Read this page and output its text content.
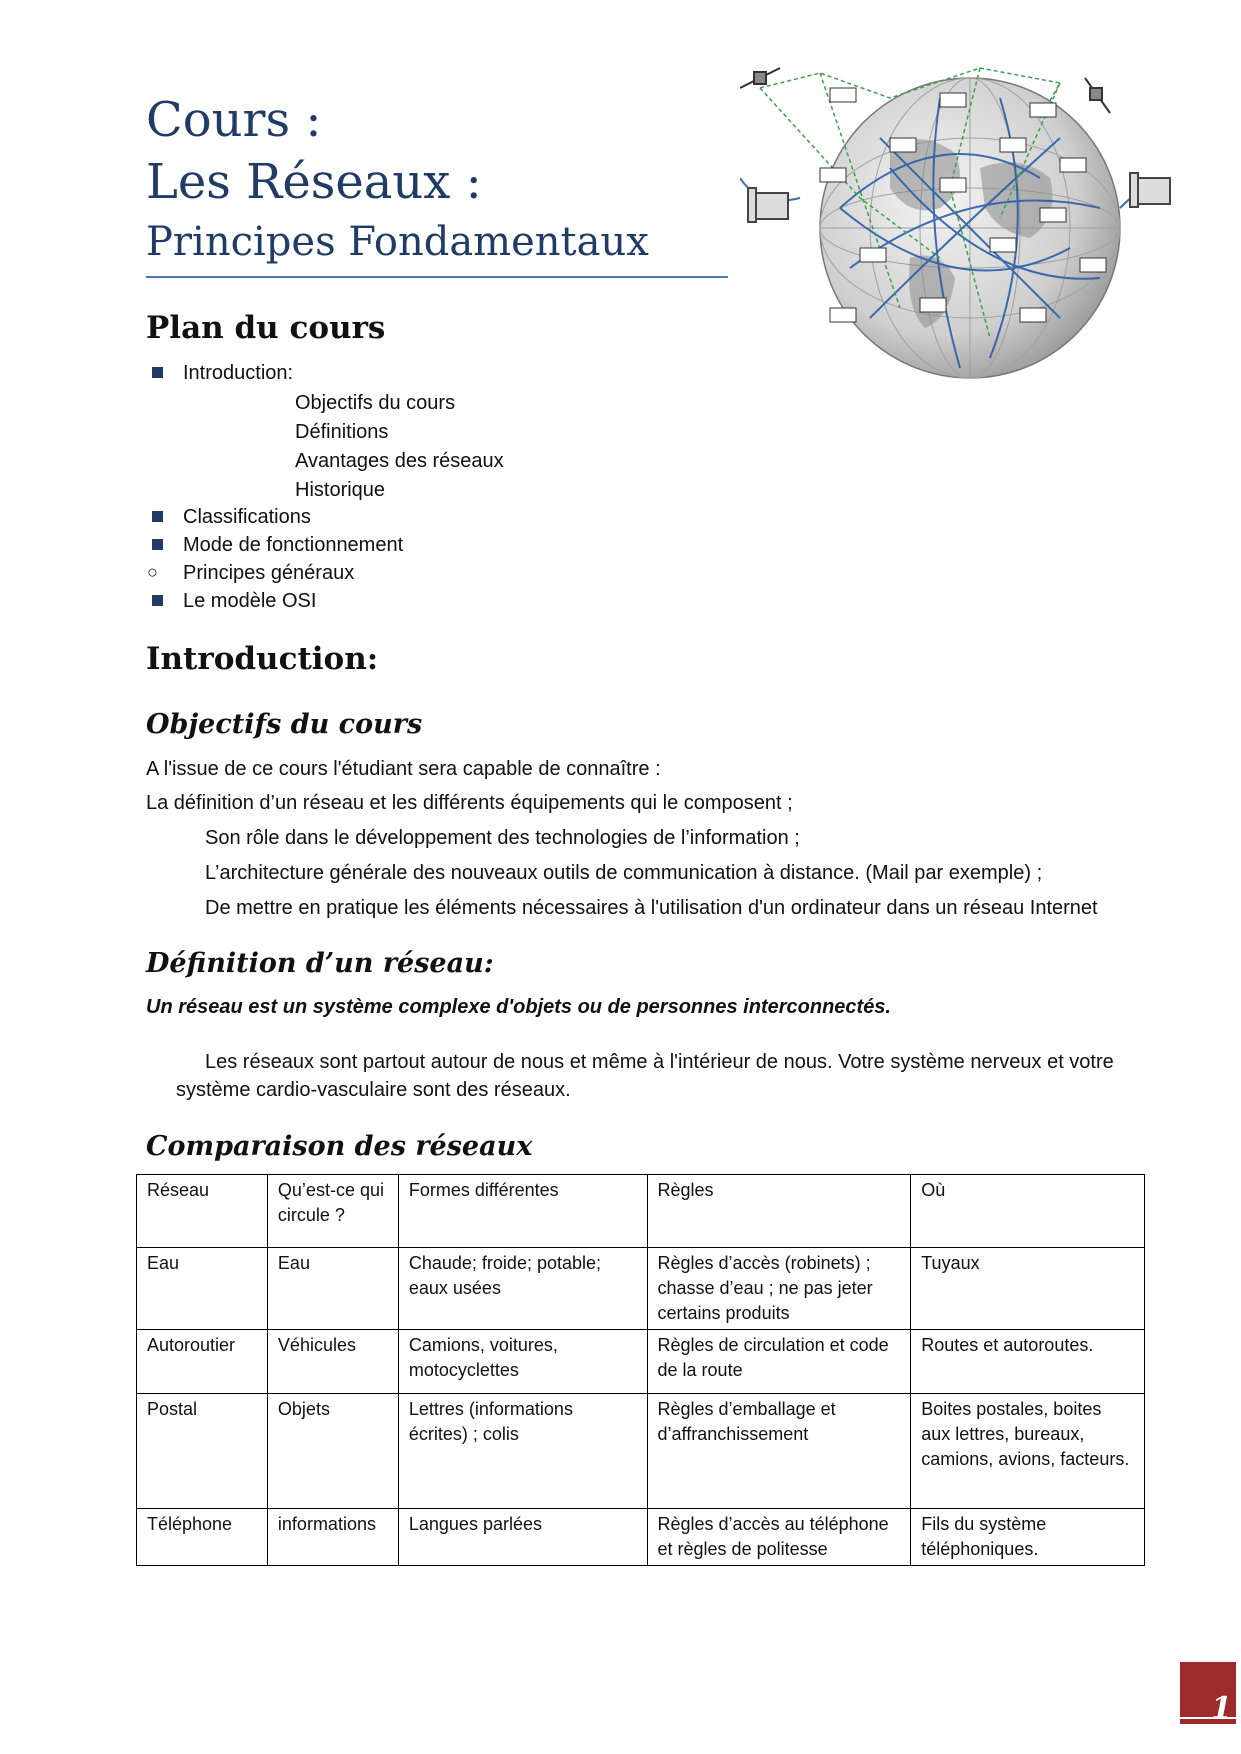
Cours :
Les Réseaux :
Principes Fondamentaux
Plan du cours
Introduction:
Objectifs du cours
Définitions
Avantages des réseaux
Historique
Classifications
Mode de fonctionnement
○ Principes généraux
Le modèle OSI
Introduction:
Objectifs du cours
A l'issue de ce cours l'étudiant sera capable de connaître :
La définition d’un réseau et les différents équipements qui le composent ;
Son rôle dans le développement des technologies de l’information ;
L’architecture générale des nouveaux outils de communication à distance. (Mail par exemple) ;
De mettre en pratique les éléments nécessaires à l'utilisation d'un ordinateur dans un réseau Internet
Définition d’un réseau:
Un réseau est un système complexe d'objets ou de personnes interconnectés.
Les réseaux sont partout autour de nous et même à l'intérieur de nous. Votre système nerveux et votre
système cardio-vasculaire sont des réseaux.
Comparaison des réseaux
Réseau	Qu’est-ce qui circule ?	Formes différentes	Règles	Où
Eau	Eau	Chaude; froide; potable; eaux usées	Règles d’accès (robinets) ; chasse d’eau ; ne pas jeter certains produits	Tuyaux
Autoroutier	Véhicules	Camions, voitures, motocyclettes	Règles de circulation et code de la route	Routes et autoroutes.
Postal	Objets	Lettres (informations écrites) ; colis	Règles d’emballage et d’affranchissement	Boites postales, boites aux lettres, bureaux, camions, avions, facteurs.
Téléphone	informations	Langues parlées	Règles d’accès au téléphone et règles de politesse	Fils du système téléphoniques.
1
